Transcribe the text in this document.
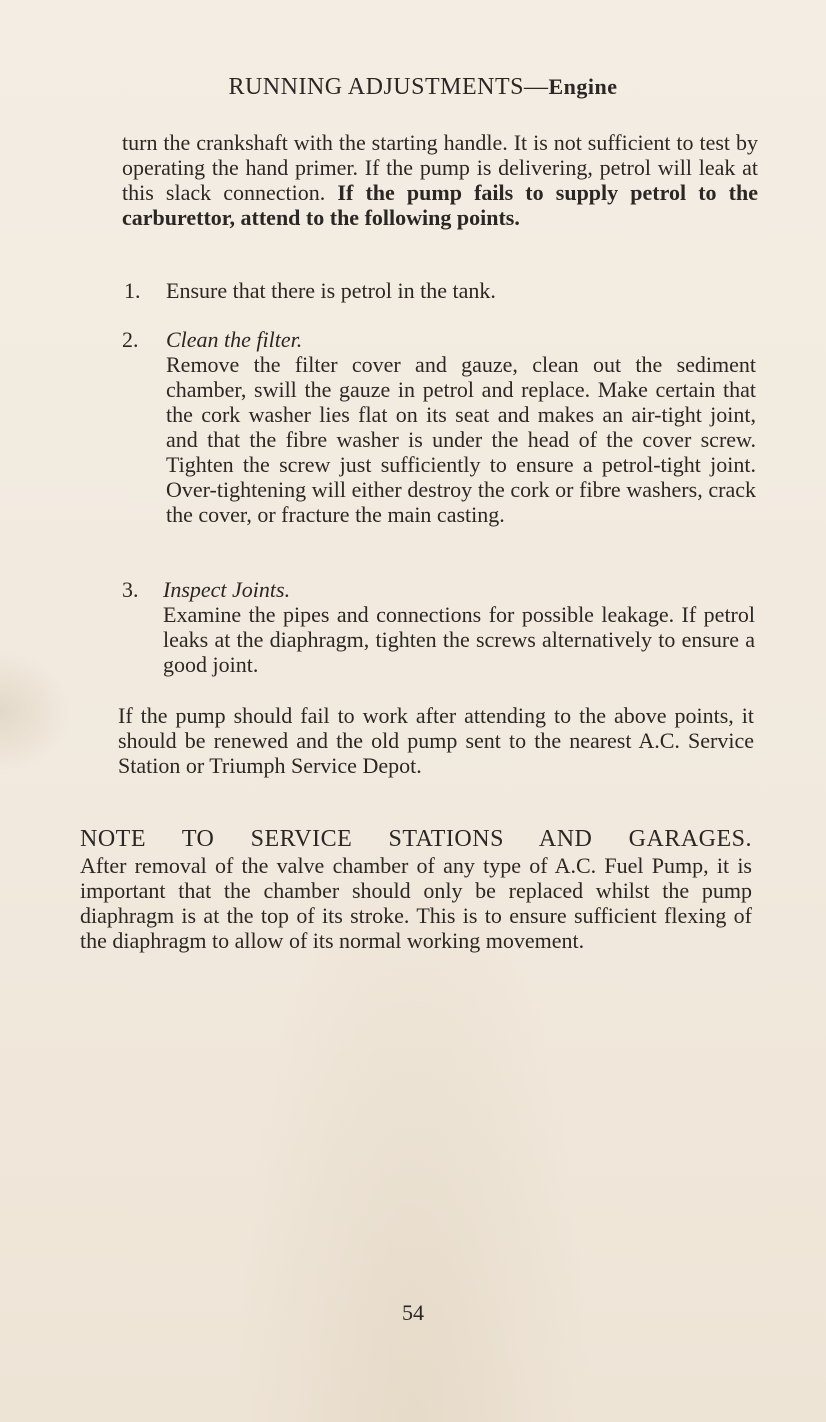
RUNNING ADJUSTMENTS—Engine

turn the crankshaft with the starting handle. It is not sufficient to test by operating the hand primer. If the pump is delivering, petrol will leak at this slack connection. If the pump fails to supply petrol to the carburettor, attend to the following points.

1. Ensure that there is petrol in the tank.
2. Clean the filter.
Remove the filter cover and gauze, clean out the sediment chamber, swill the gauze in petrol and replace. Make certain that the cork washer lies flat on its seat and makes an air-tight joint, and that the fibre washer is under the head of the cover screw. Tighten the screw just sufficiently to ensure a petrol-tight joint. Over-tightening will either destroy the cork or fibre washers, crack the cover, or fracture the main casting.
3. Inspect Joints.
Examine the pipes and connections for possible leakage. If petrol leaks at the diaphragm, tighten the screws alternatively to ensure a good joint.

If the pump should fail to work after attending to the above points, it should be renewed and the old pump sent to the nearest A.C. Service Station or Triumph Service Depot.

NOTE TO SERVICE STATIONS AND GARAGES.
After removal of the valve chamber of any type of A.C. Fuel Pump, it is important that the chamber should only be replaced whilst the pump diaphragm is at the top of its stroke. This is to ensure sufficient flexing of the diaphragm to allow of its normal working movement.
54
